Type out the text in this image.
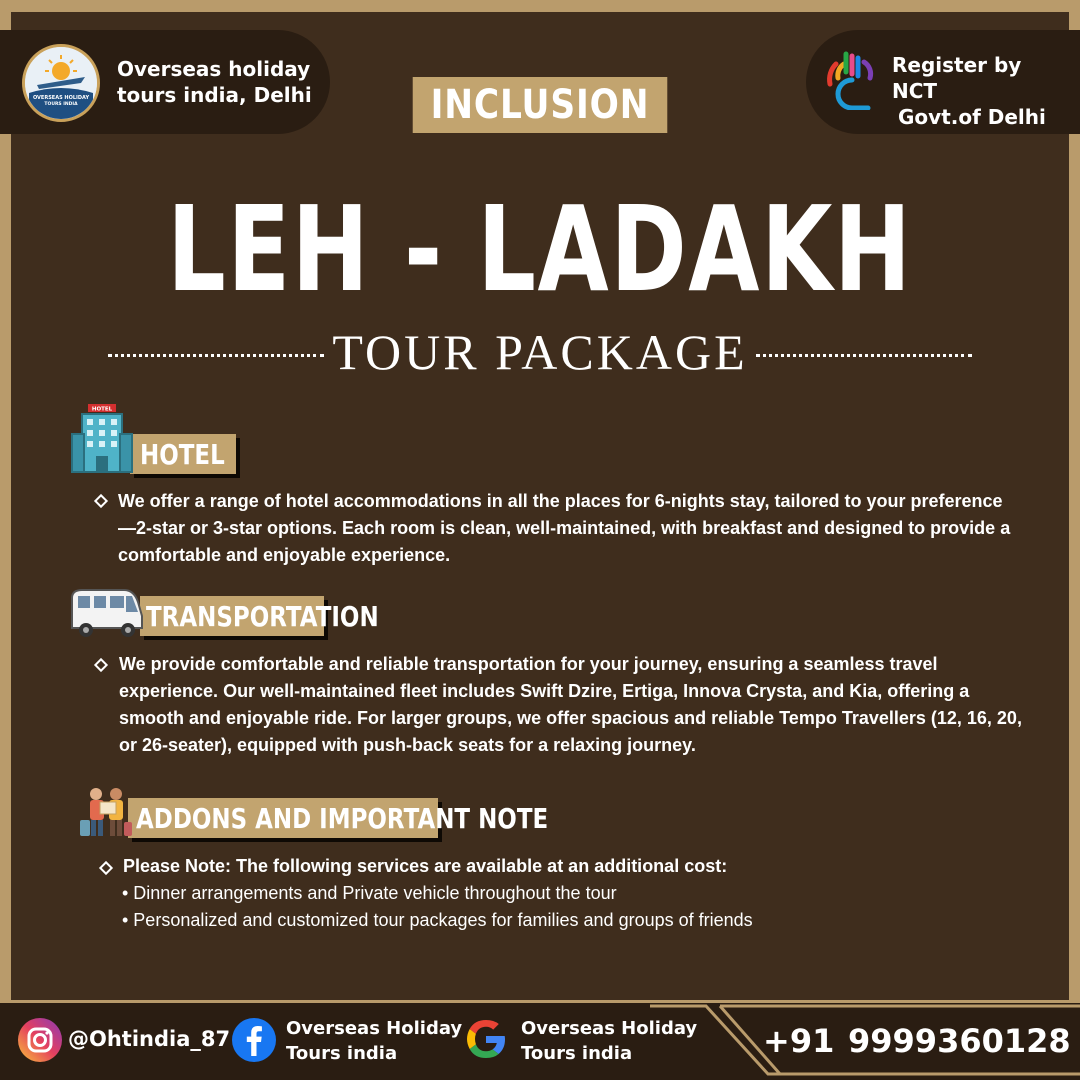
OVERSEAS HOLIDAY
TOURS INDIA
Overseas holiday
tours india, Delhi
Register by NCT
Govt.of Delhi
INCLUSION
LEH - LADAKH
TOUR PACKAGE
HOTEL
HOTEL
We offer a range of hotel accommodations in all the places for 6-nights stay, tailored to your preference—2-star or 3-star options. Each room is clean, well-maintained, with breakfast and designed to provide a comfortable and enjoyable experience.
TRANSPORTATION
We provide comfortable and reliable transportation for your journey, ensuring a seamless travel experience. Our well-maintained fleet includes Swift Dzire, Ertiga, Innova Crysta, and Kia, offering a smooth and enjoyable ride. For larger groups, we offer spacious and reliable Tempo Travellers (12, 16, 20, or 26-seater), equipped with push-back seats for a relaxing journey.
ADDONS AND IMPORTANT NOTE
Please Note: The following services are available at an additional cost:
• Dinner arrangements and Private vehicle throughout the tour
• Personalized and customized tour packages for families and groups of friends
@Ohtindia_87	Overseas Holiday
Tours india
Overseas Holiday
Tours india	+91 9999360128
